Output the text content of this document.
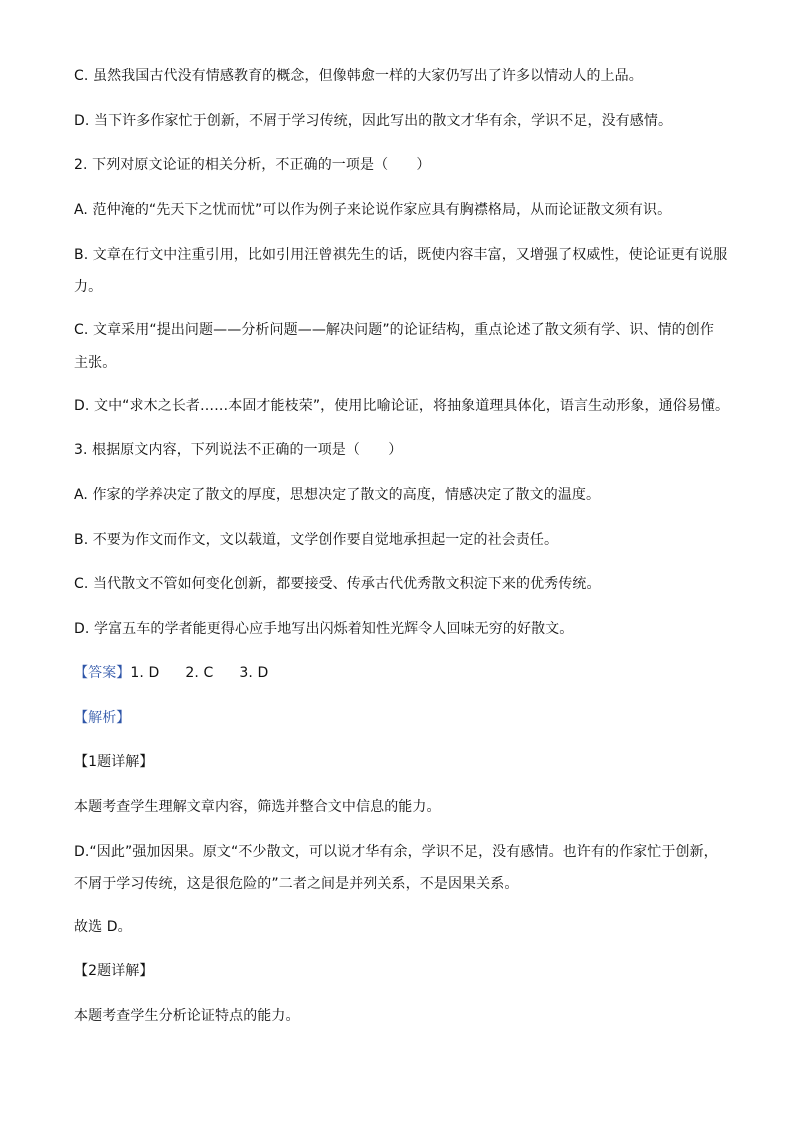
C. 虽然我国古代没有情感教育的概念，但像韩愈一样的大家仍写出了许多以情动人的上品。
D. 当下许多作家忙于创新，不屑于学习传统，因此写出的散文才华有余，学识不足，没有感情。
2. 下列对原文论证的相关分析，不正确的一项是（　　）
A. 范仲淹的“先天下之忧而忧”可以作为例子来论说作家应具有胸襟格局，从而论证散文须有识。
B. 文章在行文中注重引用，比如引用汪曾祺先生的话，既使内容丰富，又增强了权威性，使论证更有说服
力。
C. 文章采用“提出问题——分析问题——解决问题”的论证结构，重点论述了散文须有学、识、情的创作
主张。
D. 文中“求木之长者……本固才能枝荣”，使用比喻论证，将抽象道理具体化，语言生动形象，通俗易懂。
3. 根据原文内容，下列说法不正确的一项是（　　）
A. 作家的学养决定了散文的厚度，思想决定了散文的高度，情感决定了散文的温度。
B. 不要为作文而作文，文以载道，文学创作要自觉地承担起一定的社会责任。
C. 当代散文不管如何变化创新，都要接受、传承古代优秀散文积淀下来的优秀传统。
D. 学富五车的学者能更得心应手地写出闪烁着知性光辉令人回味无穷的好散文。
【答案】1. D 2. C 3. D
【解析】
【1题详解】
本题考查学生理解文章内容，筛选并整合文中信息的能力。
D.“因此”强加因果。原文“不少散文，可以说才华有余，学识不足，没有感情。也许有的作家忙于创新，
不屑于学习传统，这是很危险的”二者之间是并列关系，不是因果关系。
故选 D。
【2题详解】
本题考查学生分析论证特点的能力。
